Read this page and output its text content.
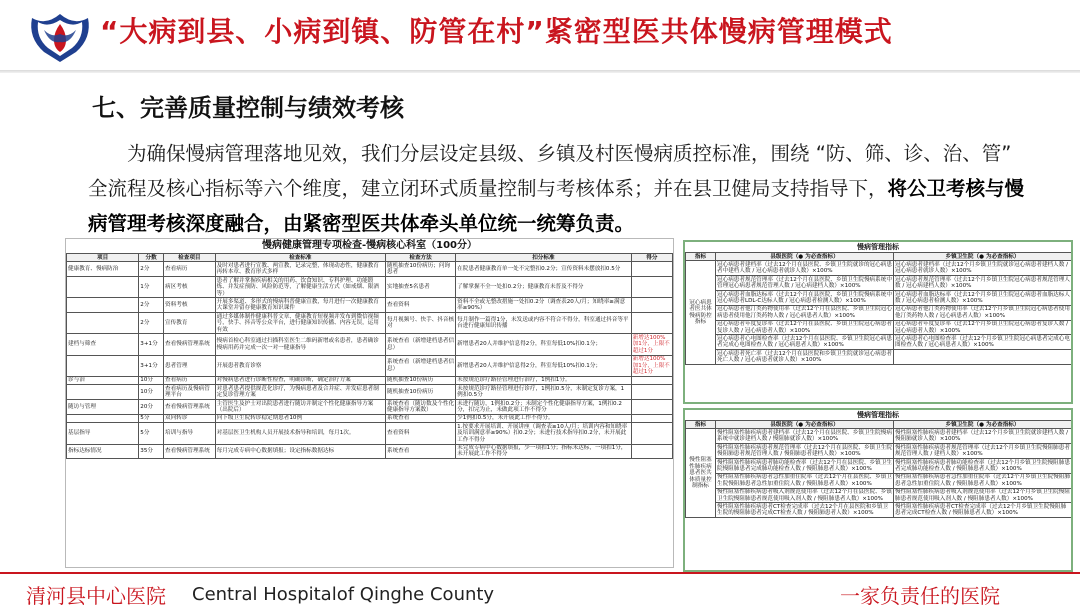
“大病到县、小病到镇、防管在村”紧密型医共体慢病管理模式
七、完善质量控制与绩效考核
为确保慢病管理落地见效，我们分层设定县级、乡镇及村医慢病质控标准，围绕 “防、筛、诊、治、管” 全流程及核心指标等六个维度，建立闭环式质量控制与考核体系；并在县卫健局支持指导下，将公卫考核与慢病管理考核深度融合，由紧密型医共体牵头单位统一统筹负责。
慢病健康管理专项检查-慢病核心科室（100分）
项目	分数	检查项目	检查标准	检查方法	扣分标准	得分
健康教育、慢病防治	2分	查看病历	及时对患者进行宣教、两宣教，记录完整，体现动态性，健康教育再转本章、教育形式多样	随机抽查10份病历；问询患者	在院患者健康教育单一处不完整扣0.2分；宣传资料未摆放扣0.5分	
	1分	病区考核	患者了解并掌握疾病相关的用药、饮食知识、专科护理、功能锻炼、并发症预防、风险防范等，了解健康生活方式（如戒烟、限酒等）	实地抽查5名患者	了解掌握不全一处扣0.2分；健康教育未普及不得分	
	2分	资料考核	开展多渠道、多形式的慢病科普健康宣教，每月进行一次健康教育大课堂并留存健康教育知识课件	查看资料	资料不全或无整改措施一处扣0.2分（调查表20人/月；知晓率≥满意率≥90%）	
	2分	宣传教育	通过多媒体制作健康科普文章、健康教育短视频并发布到微信视频号，快手、抖音等公众平台，进行健康知识传播、内容无误，运用有效	每月视频号、快手、抖音核对	每月制作一篇得1分，未发送或内容不符合不得分，科室通过抖音等平台进行健康知识传播	
建档与筛查	3+1分	查看慢病管理系统	慢病首检心科室通过扫描科室医生二维码新增或名患者，患者确诊慢病用药并完成一次一对一健康指导	系统查看（新增建档患者信息）	新增患者20人并维护信息得2分，科室每低10%扣0.1分；	新增达100%加1分，上限不超过1分
	3+1分	患者管理	开展患者教育诊察	系统查看（新增建档患者信息）	新增患者20人并维护信息得2分，科室每低10%扣0.1分；	新增达100%加1分，上限不超过1分
诊与治	10分	查看病历	对慢病患者进行诊断性检查，明确诊断，确定治疗方案	随机抽查10份病历	未按规范诊疗路径管理进行治疗，1例扣1分。	
	10分	查看病历及慢病管理平台	对患者患者提供规范化诊疗，为慢病患者及合并症、并发症患者制定复诊管理方案	随机抽查10份病历	未按规范诊疗路径管理进行诊疗，1例扣0.5分，未制定复诊方案，1例扣0.5分	
随访与管理	20分	查看慢病管理系统	主管医生及护士对出院患者进行随访并制定个性化健康指导方案（出院后）	系统查看（随访数及个性化健康指导方案数）	未进行随访，1例扣0.2分；未制定个性化健康指导方案，1例扣0.2分，扣完为止，未做此项工作不得分	
	5分	双向转诊	向下级卫生院转诊稳定期患者10例	系统查看	少1例扣0.5分，未开展此工作不得分。	
基层指导	5分	培训与指导	对基层医卫生机构人员开展技术指导和培训，每月1次。	查看资料	1.按要求开展培训、开展讲座（调查表≥10人/月；培训内容和知晓率及培训满意率≥90%）扣0.2分；未进行技术指导扣0.2分，未开展此工作不得分	
指标达标情况	35分	查看慢病管理系统	每月完成专病中心数据填报；设定指标数据达标	系统查看	未完成专病中心数据填报，少一项扣1分；指标未达标，一项扣1分，未开展此工作不得分	
慢病管理指标
指标	县级医院（● 为必查指标）	乡镇卫生院（● 为必查指标）
冠心病患者医共体慢病防控指标	冠心病患者建档率（过去12个月在县医院、乡镇卫生院就诊的冠心病患者中建档人数 / 冠心病患者就诊人数）×100%	冠心病患者建档率（过去12个月乡镇卫生院就诊冠心病患者建档人数 / 冠心病患者就诊人数）×100%
	冠心病患者规范管理率（过去12个月在县医院、乡镇卫生院慢病系统中管理冠心病患者规范管理人数 / 冠心病建档人数）×100%	冠心病患者规范管理率（过去12个月乡镇卫生院冠心病患者规范管理人数 / 冠心病建档人数）×100%
	冠心病患者血脂达标率（过去12个月在县医院、乡镇卫生院慢病系统中冠心病患者LDL-C达标人数 / 冠心病患者检测人数）×100%	冠心病患者血脂达标率（过去12个月乡镇卫生院冠心病患者血脂达标人数 / 冠心病患者检测人数）×100%
	冠心病患者他汀类药物使用率（过去12个月在县医院、乡镇卫生院冠心病患者使用他汀类药物人数 / 冠心病患者人数）×100%	冠心病患者他汀类药物使用率（过去12个月乡镇卫生院冠心病患者使用他汀类药物人数 / 冠心病患者人数）×100%
	冠心病患者年度复诊率（过去12个月在县医院、乡镇卫生院冠心病患者复诊人数 / 冠心病患者人数）×100%	冠心病患者年度复诊率（过去12个月乡镇卫生院冠心病患者复诊人数 / 冠心病患者人数）×100%
	冠心病患者心电图检查率（过去12个月在县医院、乡镇卫生院冠心病患者完成心电图检查人数 / 冠心病患者人数）×100%	冠心病患者心电图检查率（过去12个月乡镇卫生院冠心病患者完成心电图检查人数 / 冠心病患者人数）×100%
	冠心病患者死亡率（过去12个月在县医院和乡镇卫生院就诊冠心病患者死亡人数 / 冠心病患者就诊人数）×100%	
慢病管理指标
指标	县级医院（● 为必查指标）	乡镇卫生院（● 为必查指标）
慢性阻塞性肺疾病患者医共体质量控制指标	慢性阻塞性肺疾病患者建档率（过去12个月在县医院、乡镇卫生院慢病系统中就诊建档人数 / 慢阻肺就诊人数）×100%	慢性阻塞性肺疾病患者建档率（过去12个月乡镇卫生院就诊建档人数 / 慢阻肺就诊人数）×100%
	慢性阻塞性肺疾病患者规范管理率（过去12个月在县医院、乡镇卫生院慢阻肺患者规范管理人数 / 慢阻肺患者建档人数）×100%	慢性阻塞性肺疾病患者规范管理率（过去12个月乡镇卫生院慢阻肺患者规范管理人数 / 建档人数）×100%
	慢性阻塞性肺疾病患者肺功能检查率（过去12个月在县医院、乡镇卫生院慢阻肺患者完成肺功能检查人数 / 慢阻肺患者人数）×100%	慢性阻塞性肺疾病患者肺功能检查率（过去12个月乡镇卫生院慢阻肺患者完成肺功能检查人数 / 慢阻肺患者人数）×100%
	慢性阻塞性肺疾病患者急性加重住院率（过去12个月在县医院、乡镇卫生院慢阻肺患者急性加重住院人数 / 慢阻肺患者人数）×100%	慢性阻塞性肺疾病患者急性加重住院率（过去12个月乡镇卫生院慢阻肺患者急性加重住院人数 / 慢阻肺患者人数）×100%
	慢性阻塞性肺疾病患者吸入剂规范使用率（过去12个月在县医院、乡镇卫生院慢阻肺患者规范使用吸入剂人数 / 慢阻肺患者人数）×100%	慢性阻塞性肺疾病患者吸入剂规范使用率（过去12个月乡镇卫生院慢阻肺患者规范使用吸入剂人数 / 慢阻肺患者人数）×100%
	慢性阻塞性肺疾病患者CT检查完成率（过去12个月在县医院和乡镇卫生院的慢阻肺患者完成CT检查人数 / 慢阻肺患者人数）×100%	慢性阻塞性肺疾病患者CT检查完成率（过去12个月乡镇卫生院慢阻肺患者完成CT检查人数 / 慢阻肺患者人数）×100%
清河县中心医院 Central Hospitalof Qinghe County	一家负责任的医院
